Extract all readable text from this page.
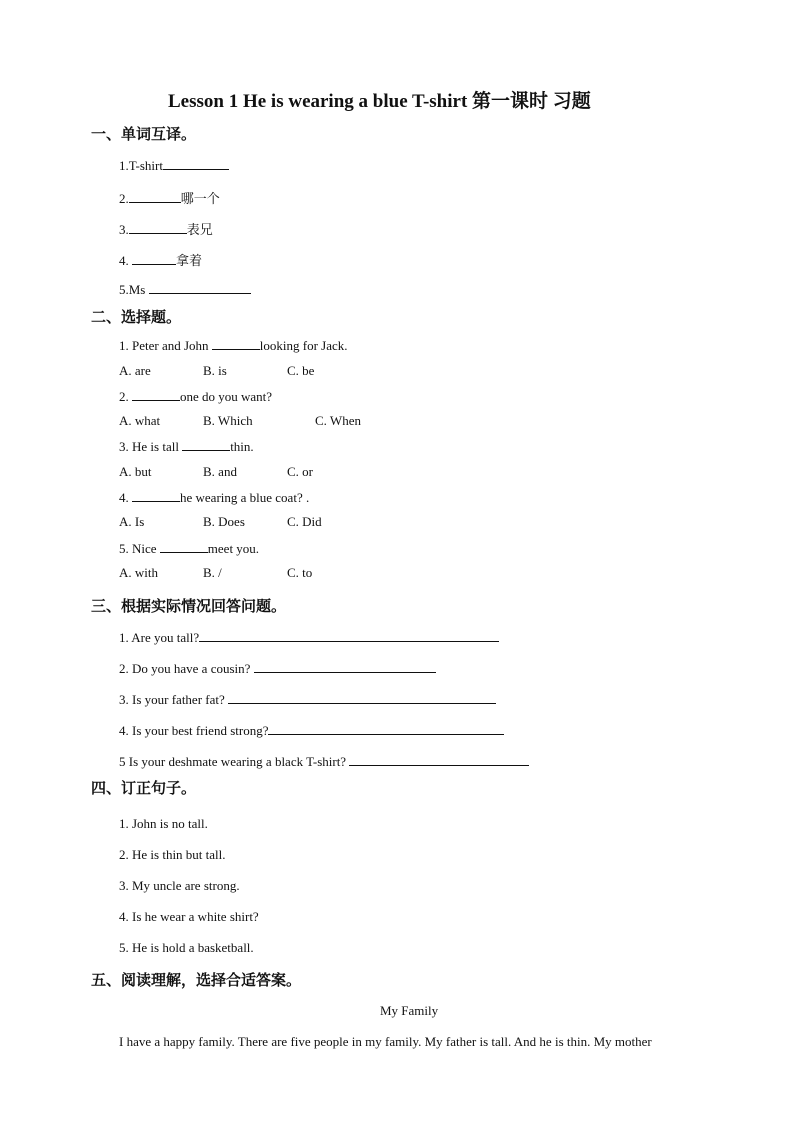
Lesson 1 He is wearing a blue T-shirt 第一课时 习题
一、单词互译。
1.T-shirt
2.	哪一个
3.	表兄
4.	拿着
5.Ms
二、选择题。
1. Peter and John	looking for Jack.
A. are	B. is	C. be
2.	one do you want?
A. what	B. Which	C. When
3. He is tall	thin.
A. but	B. and	C. or
4.	he wearing a blue coat? .
A. Is	B. Does	C. Did
5. Nice	meet you.
A. with	B. /	C. to
三、根据实际情况回答问题。
1. Are you tall?
2. Do you have a cousin?
3. Is your father fat?
4. Is your best friend strong?
5 Is your deshmate wearing a black T-shirt?
四、订正句子。
1. John is no tall.
2. He is thin but tall.
3. My uncle are strong.
4. Is he wear a white shirt?
5. He is hold a basketball.
五、阅读理解，选择合适答案。
My Family
I have a happy family. There are five people in my family. My father is tall. And he is thin. My mother
